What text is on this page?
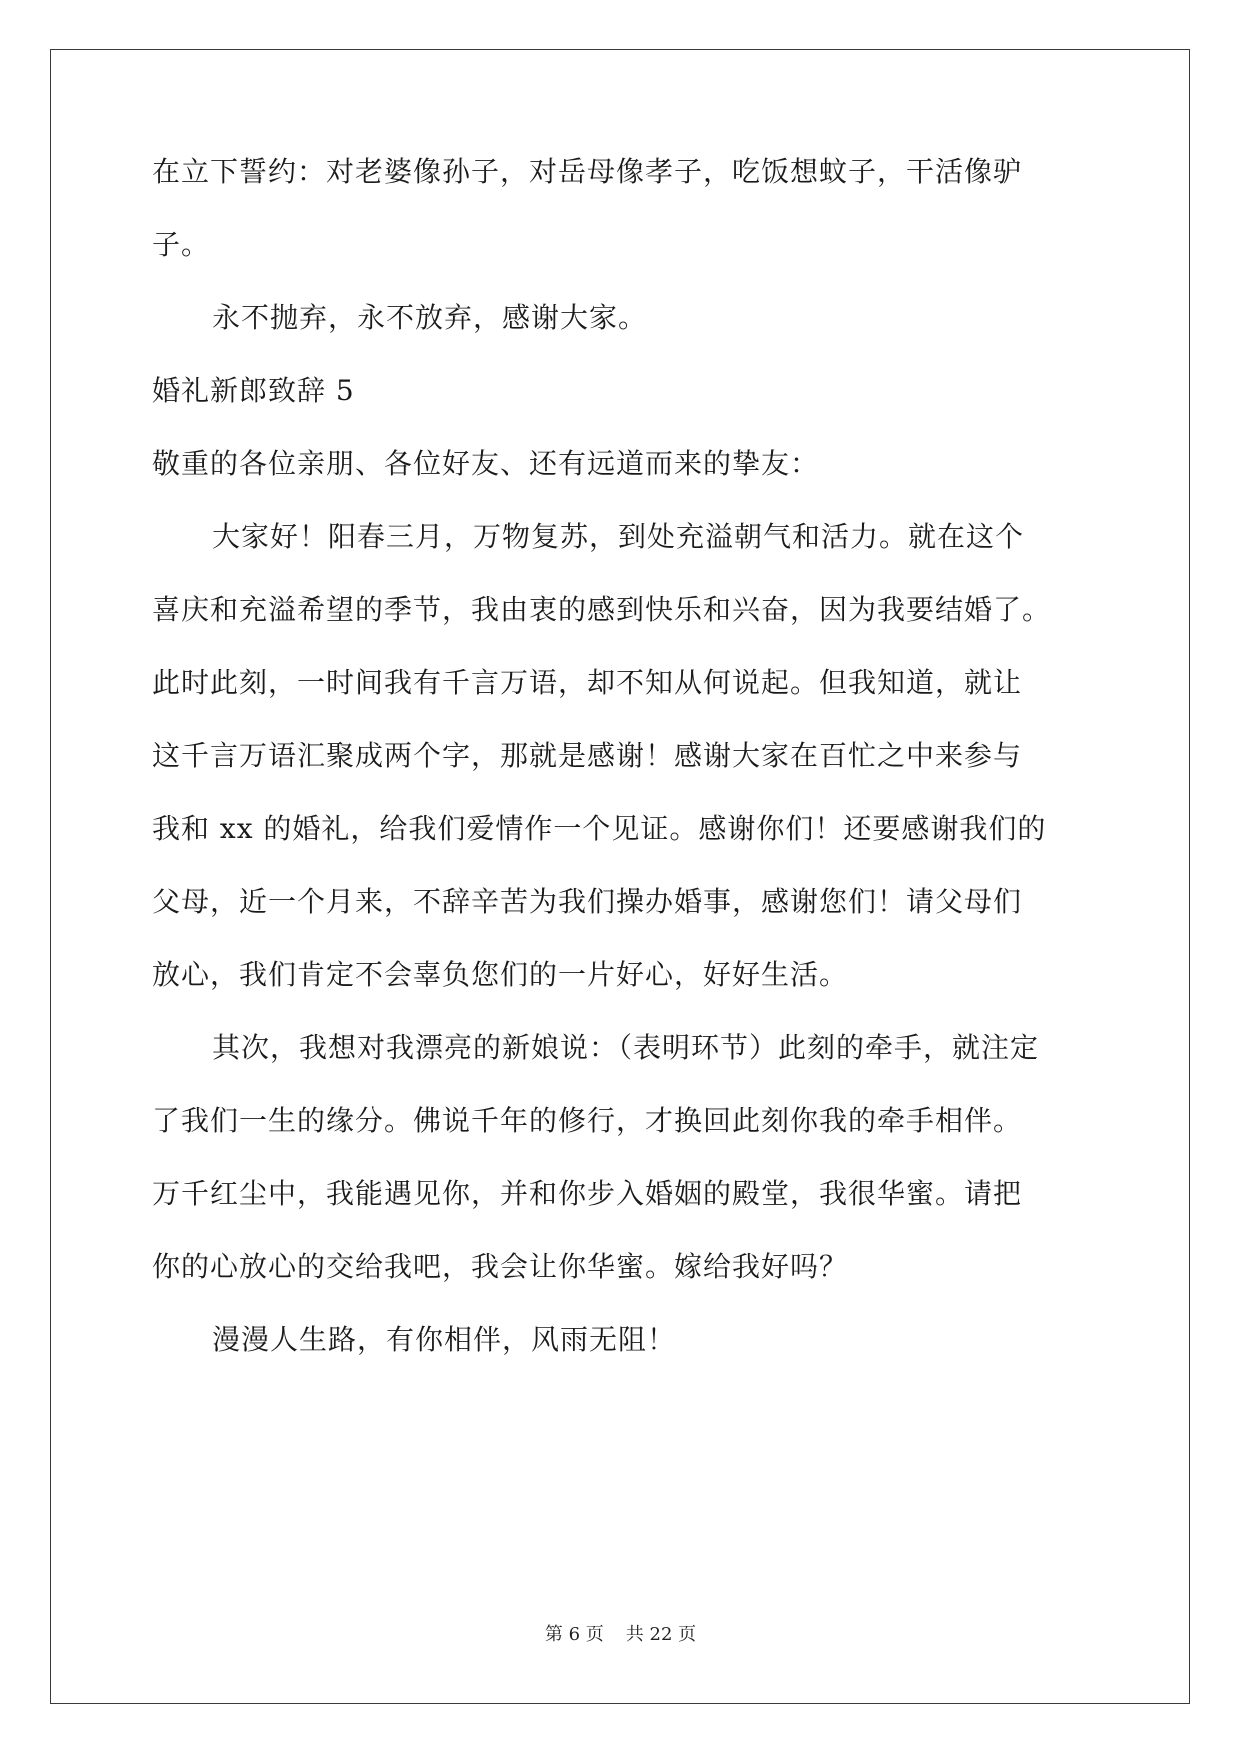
在立下誓约：对老婆像孙子，对岳母像孝子，吃饭想蚊子，干活像驴
子。
永不抛弃，永不放弃，感谢大家。
婚礼新郎致辞 5
敬重的各位亲朋、各位好友、还有远道而来的挚友：
大家好！阳春三月，万物复苏，到处充溢朝气和活力。就在这个
喜庆和充溢希望的季节，我由衷的感到快乐和兴奋，因为我要结婚了。
此时此刻，一时间我有千言万语，却不知从何说起。但我知道，就让
这千言万语汇聚成两个字，那就是感谢！感谢大家在百忙之中来参与
我和 xx 的婚礼，给我们爱情作一个见证。感谢你们！还要感谢我们的
父母，近一个月来，不辞辛苦为我们操办婚事，感谢您们！请父母们
放心，我们肯定不会辜负您们的一片好心，好好生活。
其次，我想对我漂亮的新娘说：（表明环节）此刻的牵手，就注定
了我们一生的缘分。佛说千年的修行，才换回此刻你我的牵手相伴。
万千红尘中，我能遇见你，并和你步入婚姻的殿堂，我很华蜜。请把
你的心放心的交给我吧，我会让你华蜜。嫁给我好吗？
漫漫人生路，有你相伴，风雨无阻！
第 6 页 共 22 页
